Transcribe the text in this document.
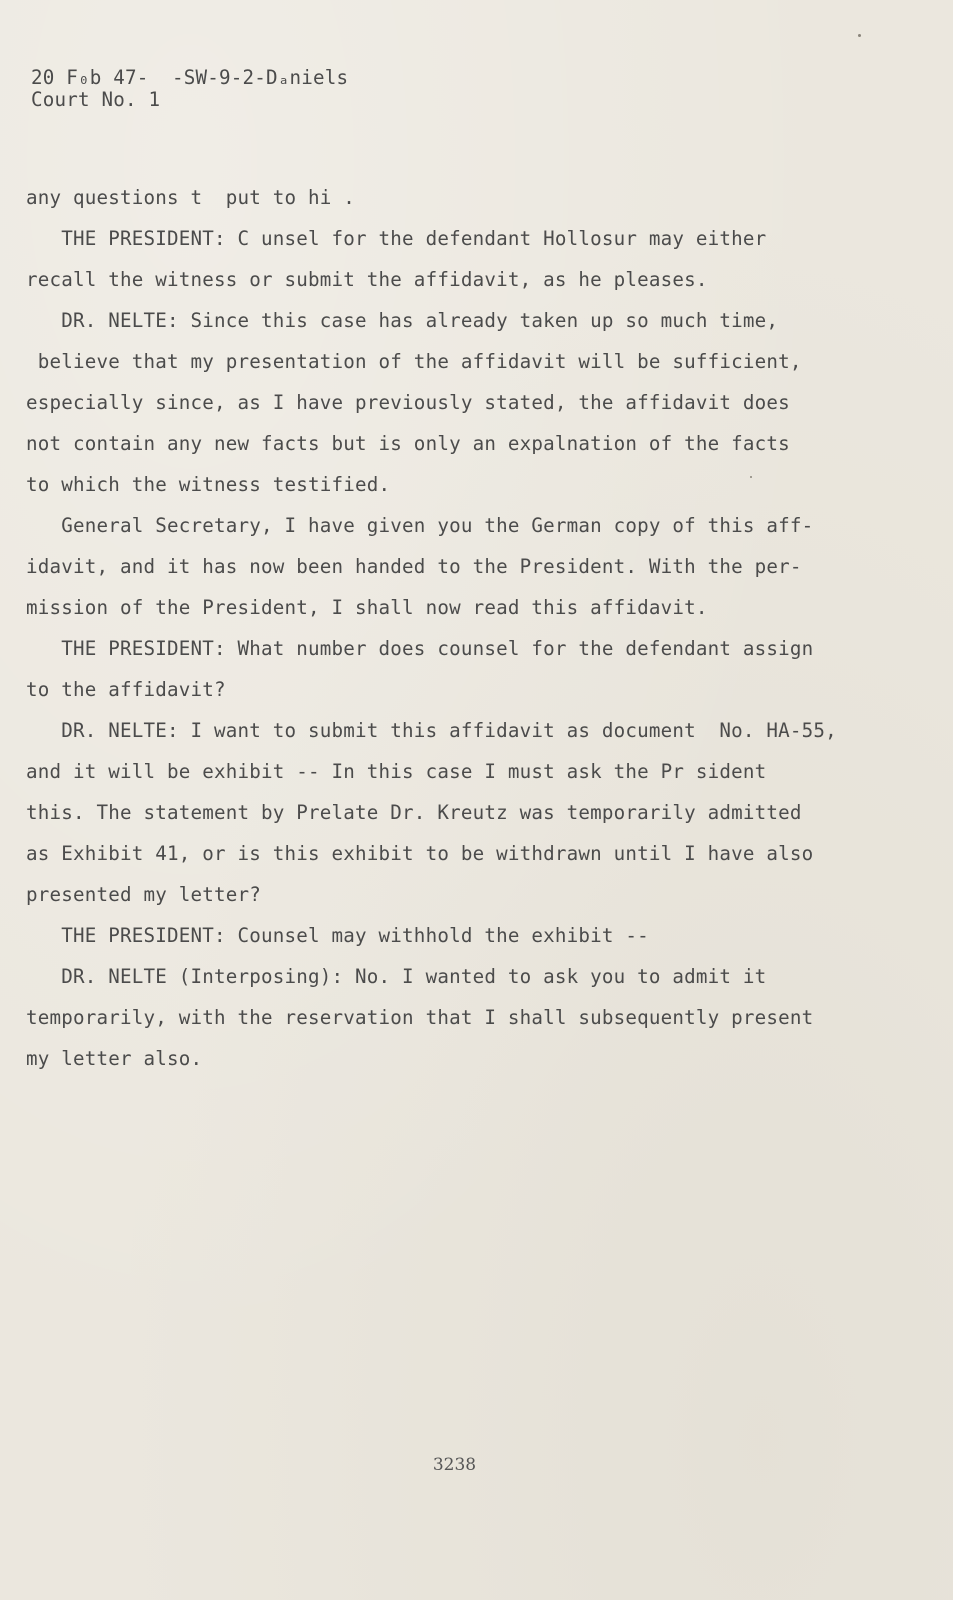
20 F₀b 47-  -SW-9-2-Dₐniels

Court No. 1

any questions t  put to hi .

THE PRESIDENT: C unsel for the defendant Hollosur may either

recall the witness or submit the affidavit, as he pleases.

DR. NELTE: Since this case has already taken up so much time,

believe that my presentation of the affidavit will be sufficient,

especially since, as I have previously stated, the affidavit does

not contain any new facts but is only an expalnation of the facts

to which the witness testified.

General Secretary, I have given you the German copy of this aff-

idavit, and it has now been handed to the President. With the per-

mission of the President, I shall now read this affidavit.

THE PRESIDENT: What number does counsel for the defendant assign

to the affidavit?

DR. NELTE: I want to submit this affidavit as document  No. HA-55,

and it will be exhibit -- In this case I must ask the Pr sident

this. The statement by Prelate Dr. Kreutz was temporarily admitted

as Exhibit 41, or is this exhibit to be withdrawn until I have also

presented my letter?

THE PRESIDENT: Counsel may withhold the exhibit --

DR. NELTE (Interposing): No. I wanted to ask you to admit it

temporarily, with the reservation that I shall subsequently present

my letter also.

3238
